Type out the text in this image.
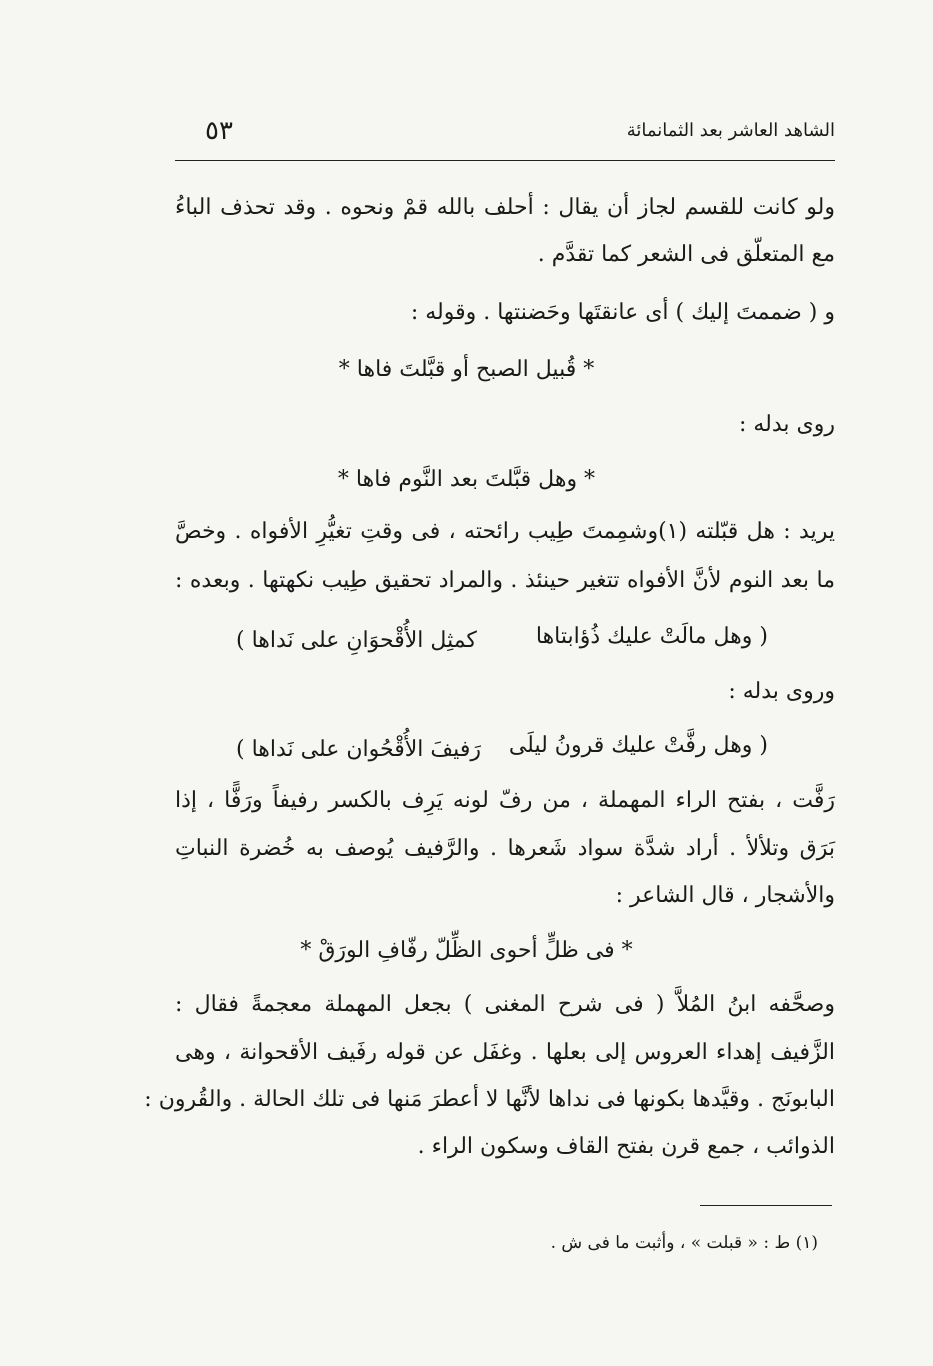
الشاهد العاشر بعد الثمانمائة
٥٣
ولو كانت للقسم لجاز أن يقال : أحلف بالله قمْ ونحوه . وقد تحذف الباءُ
مع المتعلّق فى الشعر كما تقدَّم .
و ( ضممتَ إليك ) أى عانقتَها وحَضنتها . وقوله :
* قُبيل الصبح أو قبَّلتَ فاها *
روى بدله :
* وهل قبَّلتَ بعد النَّوم فاها *
يريد : هل قبّلته (١)وشمِمتَ طِيب رائحته ، فى وقتِ تغيُّرِ الأفواه . وخصَّ
ما بعد النوم لأنَّ الأفواه تتغير حينئذ . والمراد تحقيق طِيب نكهتها . وبعده :
( وهل مالَتْ عليك ذُؤابتاها
كمثِل الأُقْحوَانِ على نَداها )
وروى بدله :
( وهل رفَّتْ عليك قرونُ ليلَى
رَفيفَ الأُقْحُوان على نَداها )
رَفَّت ، بفتح الراء المهملة ، من رفّ لونه يَرِف بالكسر رفيفاً ورَفًّا ، إذا
بَرَق وتلألأ . أراد شدَّة سواد شَعرها . والرَّفيف يُوصف به خُضرة النباتِ
والأشجار ، قال الشاعر :
* فى ظلٍّ أحوى الظِّلّ رفّافِ الورَقْ *
وصحَّفه ابنُ المُلاَّ ( فى شرح المغنى ) بجعل المهملة معجمةً فقال :
الزَّفيف إهداء العروس إلى بعلها . وغفَل عن قوله رفَيف الأقحوانة ، وهى
البابونَج . وقيَّدها بكونها فى نداها لأنَّها لا أعطرَ مَنها فى تلك الحالة . والقُرون :
الذوائب ، جمع قرن بفتح القاف وسكون الراء .
(١) ط : « قبلت » ، وأثبت ما فى ش .
